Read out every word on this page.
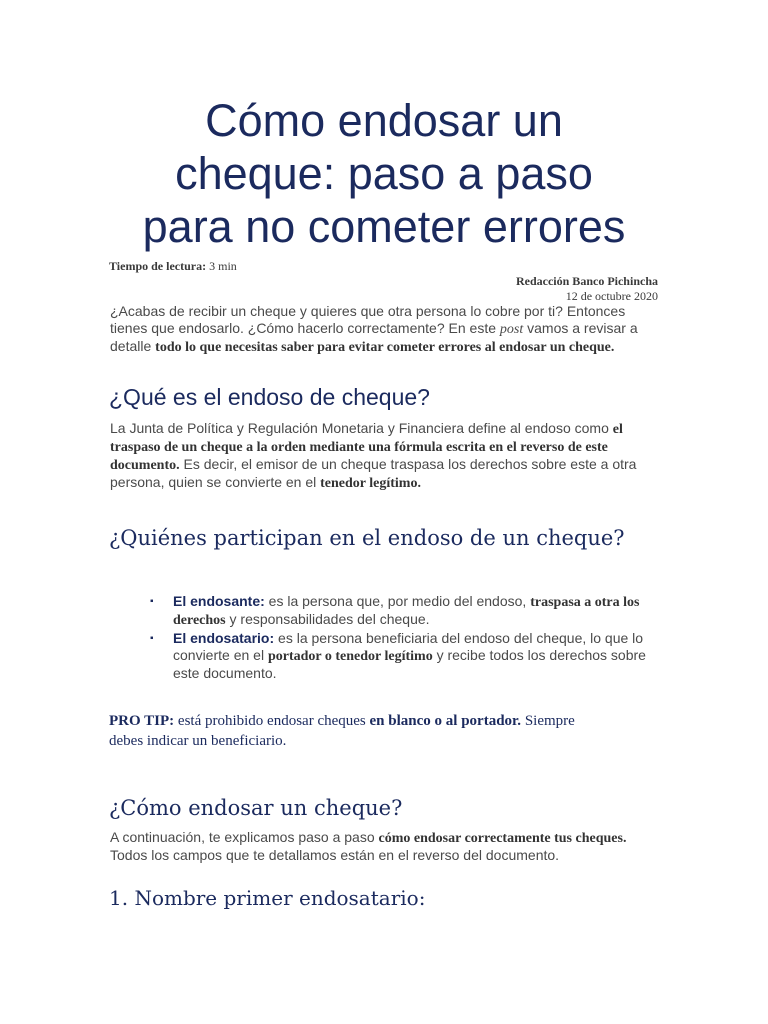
Cómo endosar un
cheque: paso a paso
para no cometer errores
Tiempo de lectura: 3 min
Redacción Banco Pichincha
12 de octubre 2020

¿Acabas de recibir un cheque y quieres que otra persona lo cobre por ti? Entonces tienes que endosarlo. ¿Cómo hacerlo correctamente? En este post vamos a revisar a detalle todo lo que necesitas saber para evitar cometer errores al endosar un cheque.

¿Qué es el endoso de cheque?

La Junta de Política y Regulación Monetaria y Financiera define al endoso como el traspaso de un cheque a la orden mediante una fórmula escrita en el reverso de este documento. Es decir, el emisor de un cheque traspasa los derechos sobre este a otra persona, quien se convierte en el tenedor legítimo.

¿Quiénes participan en el endoso de un cheque?
▪ El endosante: es la persona que, por medio del endoso, traspasa a otra los derechos y responsabilidades del cheque.
▪ El endosatario: es la persona beneficiaria del endoso del cheque, lo que lo convierte en el portador o tenedor legítimo y recibe todos los derechos sobre este documento.

PRO TIP: está prohibido endosar cheques en blanco o al portador. Siempre debes indicar un beneficiario.

¿Cómo endosar un cheque?

A continuación, te explicamos paso a paso cómo endosar correctamente tus cheques. Todos los campos que te detallamos están en el reverso del documento.

1. Nombre primer endosatario:
